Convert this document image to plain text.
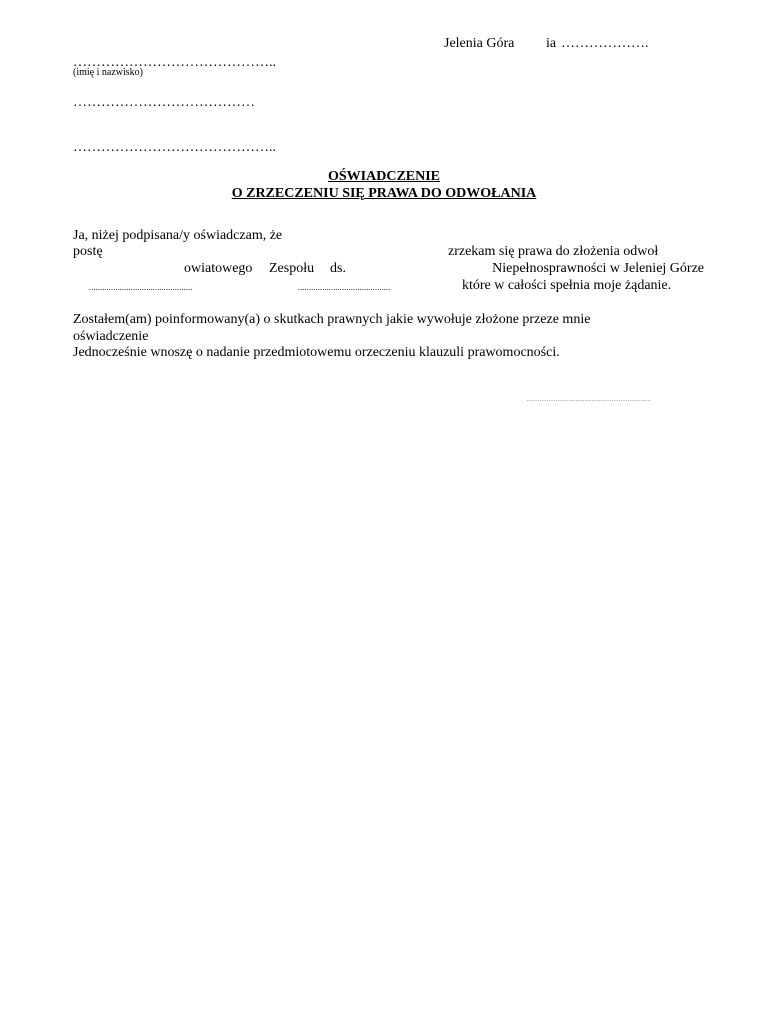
Jelenia Góra ia ……………….
……………………………………..
(imię i nazwisko)
…………………………………
……………………………………..
OŚWIADCZENIE
O ZRZECZENIU SIĘ PRAWA DO ODWOŁANIA
Ja, niżej podpisana/y oświadczam, że
postę	zrzekam się prawa do złożenia odwoł
owiatowego Zespołu ds.	Niepełnosprawności w Jeleniej Górze
...............................................	..........................................	które w całości spełnia moje żądanie.
Zostałem(am) poinformowany(a) o skutkach prawnych jakie wywołuje złożone przeze mnie
oświadczenie
Jednocześnie wnoszę o nadanie przedmiotowemu orzeczeniu klauzuli prawomocności.
.....................................................................
